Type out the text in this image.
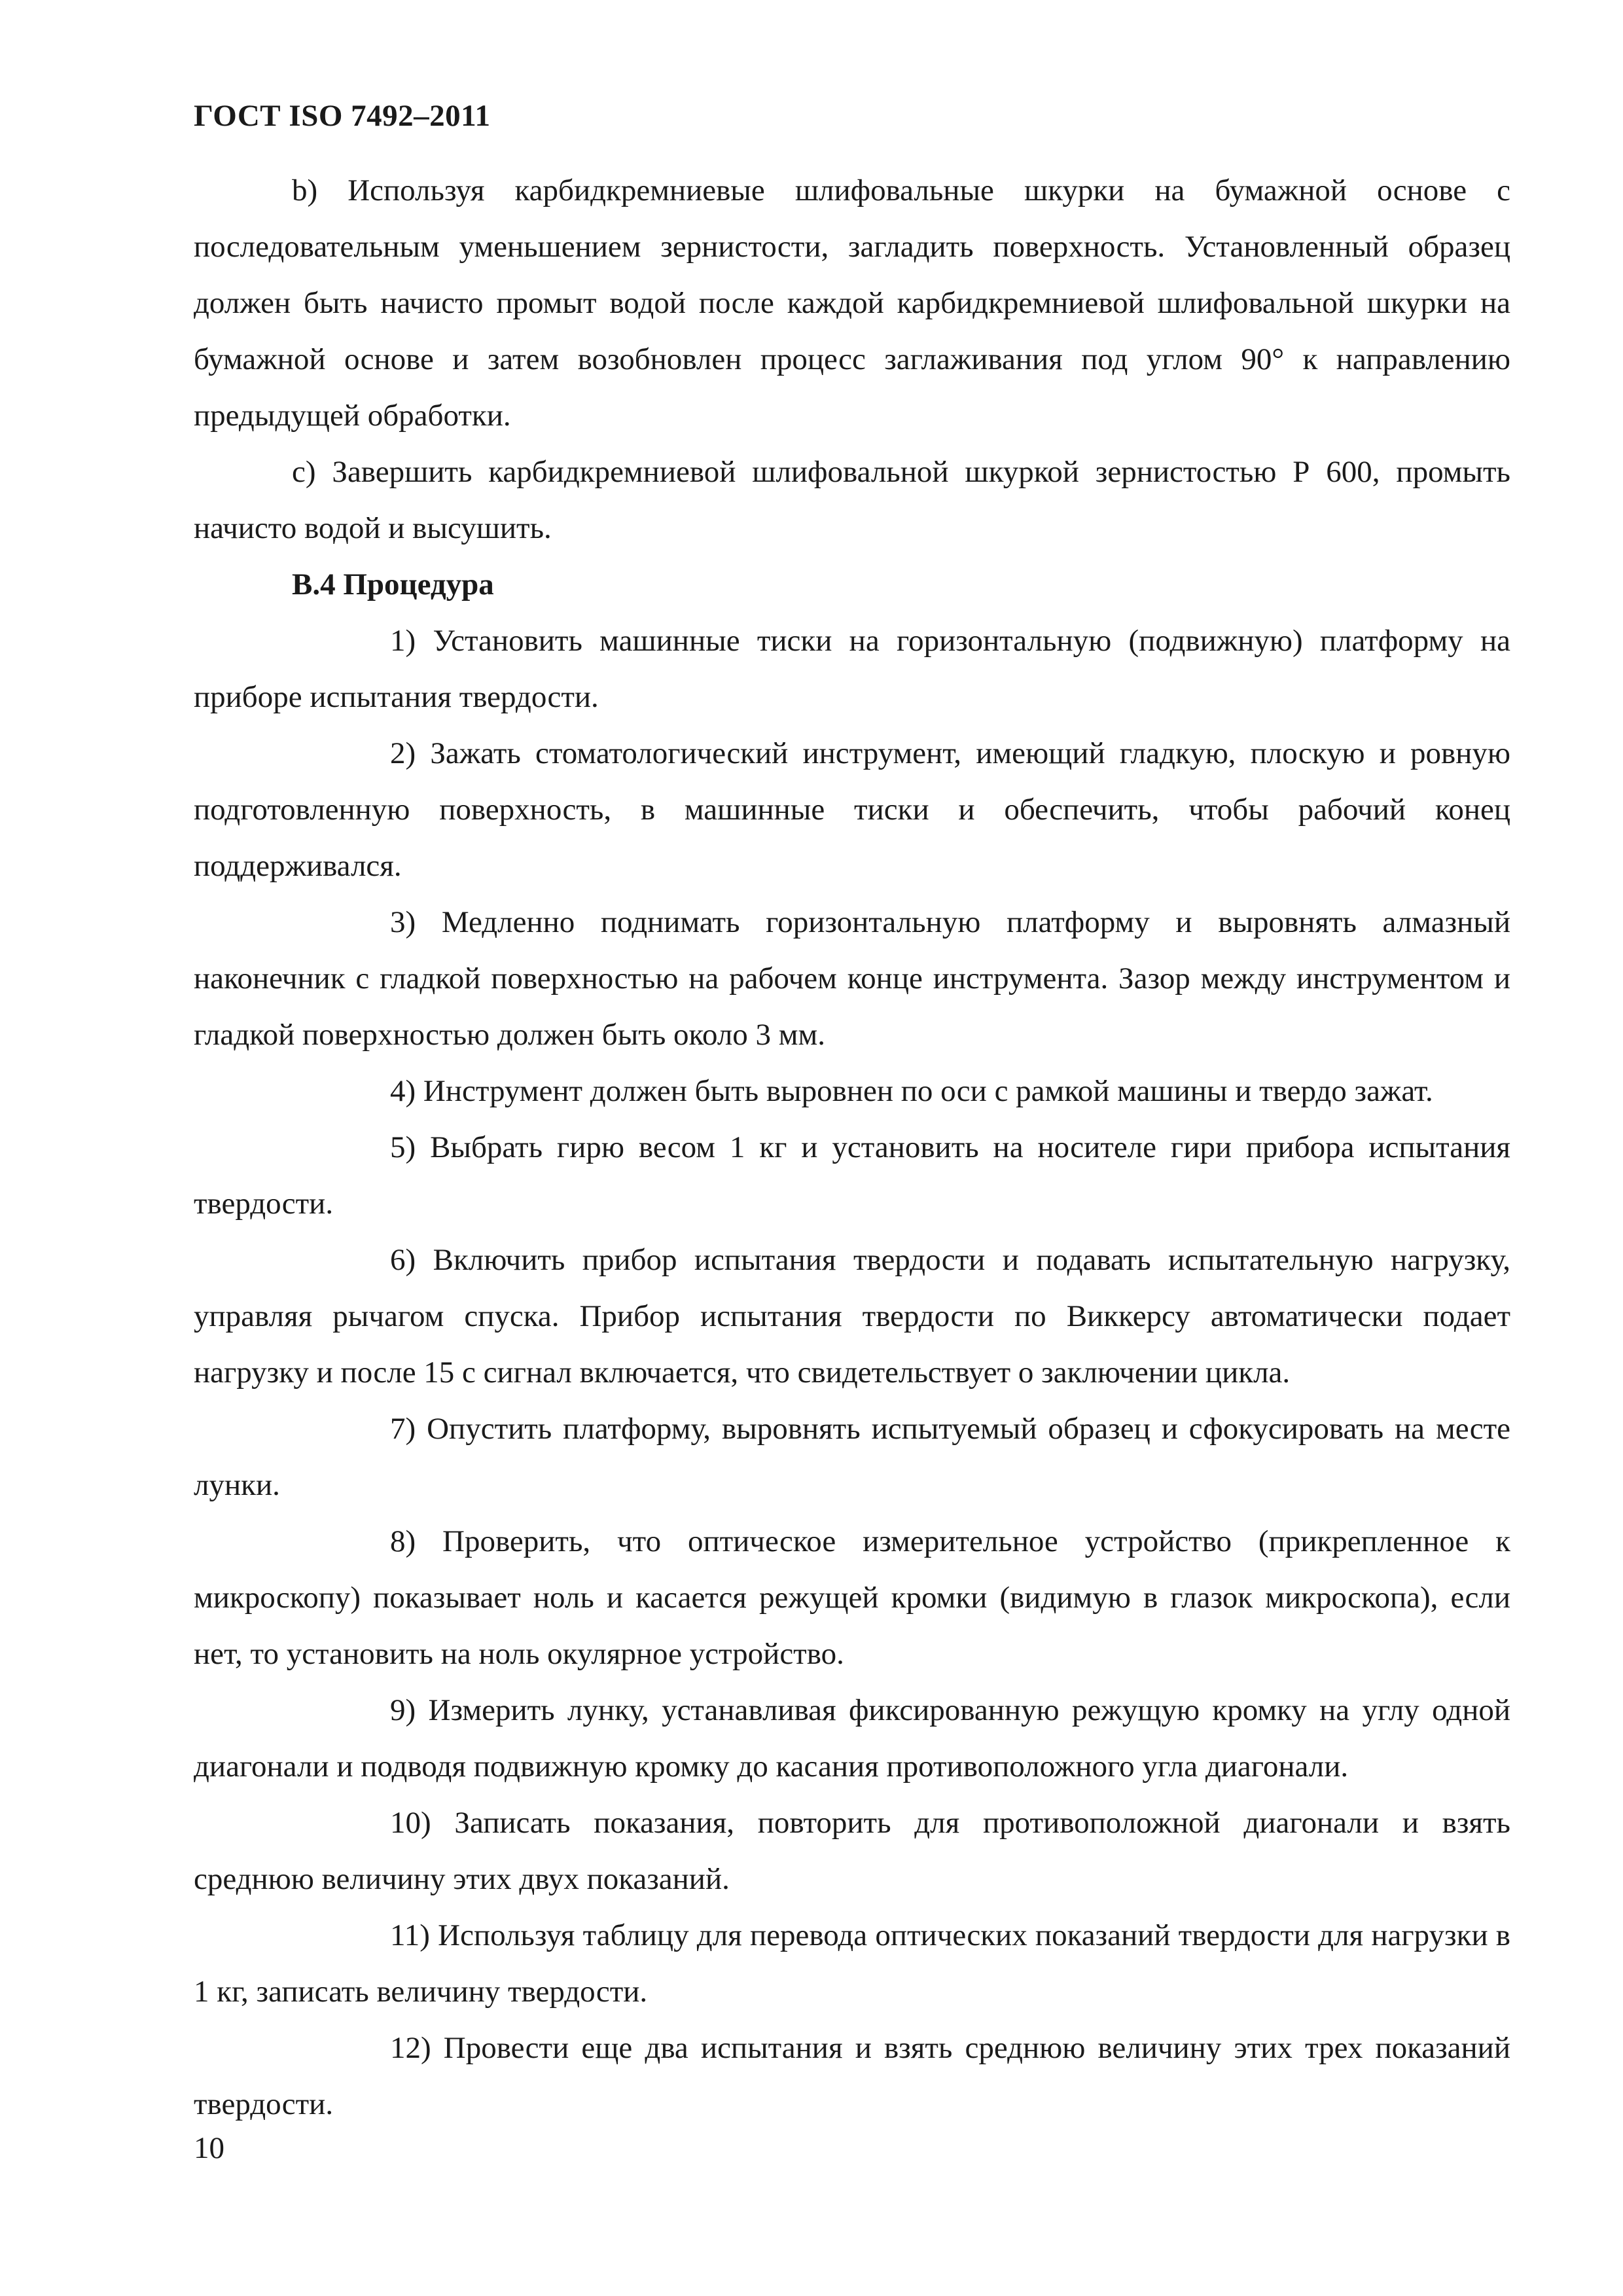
ГОСТ ISO 7492–2011

b) Используя карбидкремниевые шлифовальные шкурки на бумажной основе с последовательным уменьшением зернистости, загладить поверхность. Установленный образец должен быть начисто промыт водой после каждой карбидкремниевой шлифовальной шкурки на бумажной основе и затем возобновлен процесс заглаживания под углом 90° к направлению предыдущей обработки.

c) Завершить карбидкремниевой шлифовальной шкуркой зернистостью Р 600, промыть начисто водой и высушить.

В.4 Процедура

1) Установить машинные тиски на горизонтальную (подвижную) платформу на приборе испытания твердости.

2) Зажать стоматологический инструмент, имеющий гладкую, плоскую и ровную подготовленную поверхность, в машинные тиски и обеспечить, чтобы рабочий конец поддерживался.

3) Медленно поднимать горизонтальную платформу и выровнять алмазный наконечник с гладкой поверхностью на рабочем конце инструмента. Зазор между инструментом и гладкой поверхностью должен быть около 3 мм.

4) Инструмент должен быть выровнен по оси с рамкой машины и твердо зажат.

5) Выбрать гирю весом 1 кг и установить на носителе гири прибора испытания твердости.

6) Включить прибор испытания твердости и подавать испытательную нагрузку, управляя рычагом спуска. Прибор испытания твердости по Виккерсу автоматически подает нагрузку и после 15 с сигнал включается, что свидетельствует о заключении цикла.

7) Опустить платформу, выровнять испытуемый образец и сфокусировать на месте лунки.

8) Проверить, что оптическое измерительное устройство (прикрепленное к микроскопу) показывает ноль и касается режущей кромки (видимую в глазок микроскопа), если нет, то установить на ноль окулярное устройство.

9) Измерить лунку, устанавливая фиксированную режущую кромку на углу одной диагонали и подводя подвижную кромку до касания противоположного угла диагонали.

10) Записать показания, повторить для противоположной диагонали и взять среднюю величину этих двух показаний.

11) Используя таблицу для перевода оптических показаний твердости для нагрузки в 1 кг, записать величину твердости.

12) Провести еще два испытания и взять среднюю величину этих трех показаний твердости.

10
